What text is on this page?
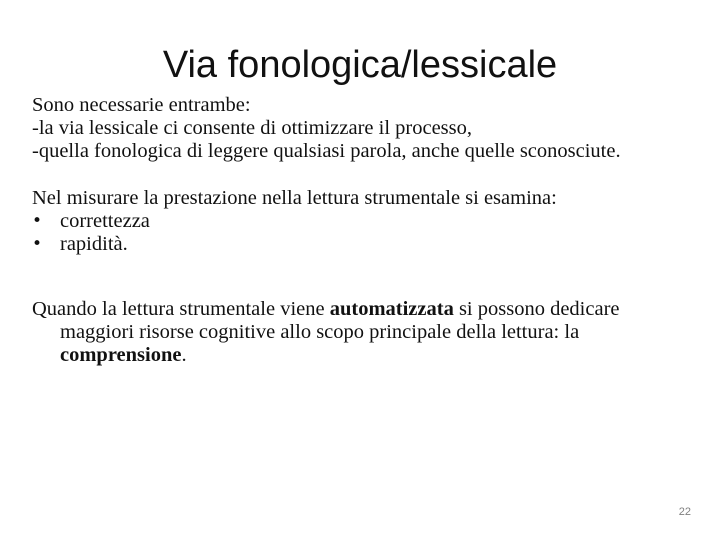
Via fonologica/lessicale

Sono necessarie entrambe:

-la via lessicale ci consente di ottimizzare il processo,

-quella fonologica di leggere qualsiasi parola, anche quelle sconosciute.

Nel misurare la prestazione nella lettura strumentale si esamina:

• correttezza
• rapidità.

Quando la lettura strumentale viene automatizzata si possono dedicare maggiori risorse cognitive allo scopo principale della lettura: la comprensione.

22
